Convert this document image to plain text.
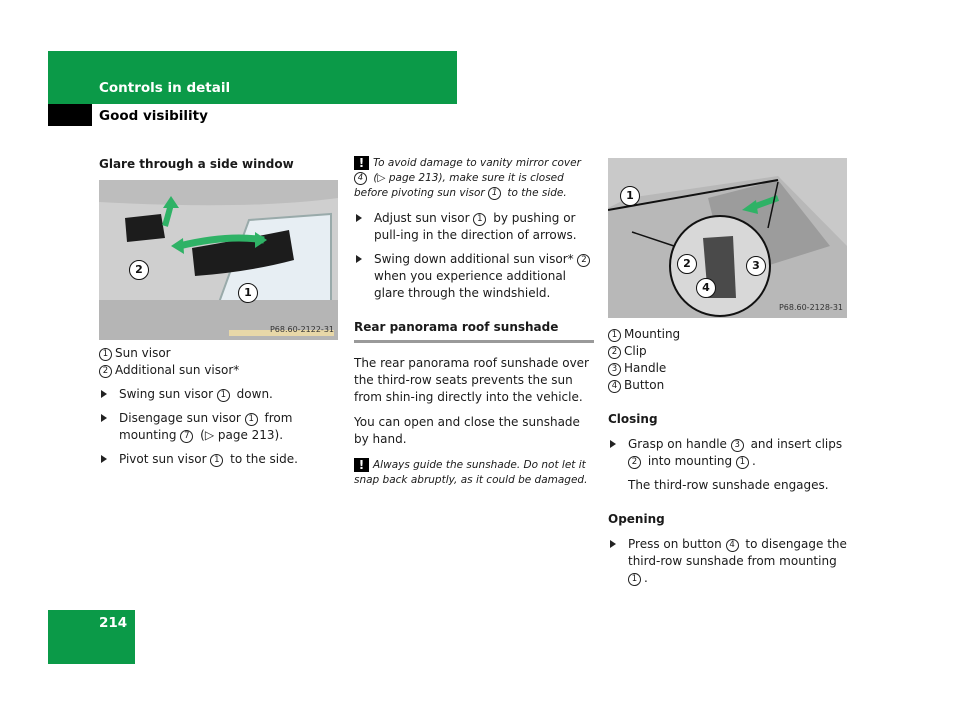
Controls in detail
Good visibility
Glare through a side window
2
1
P68.60-2122-31

1 Sun visor

2 Additional sun visor*

Swing sun visor 1 down.

Disengage sun visor 1 from mounting 7 (▷ page 213).

Pivot sun visor 1 to the side.

! To avoid damage to vanity mirror cover 4 (▷ page 213), make sure it is closed before pivoting sun visor 1 to the side.

Adjust sun visor 1 by pushing or pull-ing in the direction of arrows.

Swing down additional sun visor* 2 when you experience additional glare through the windshield.

Rear panorama roof sunshade

The rear panorama roof sunshade over the third-row seats prevents the sun from shin-ing directly into the vehicle.

You can open and close the sunshade by hand.

! Always guide the sunshade. Do not let it snap back abruptly, as it could be damaged.

1
2	3
4
P68.60-2128-31

1 Mounting

2 Clip

3 Handle

4 Button

Closing

Grasp on handle 3 and insert clips 2 into mounting 1 .

The third-row sunshade engages.

Opening

Press on button 4 to disengage the third-row sunshade from mounting 1 .

214
